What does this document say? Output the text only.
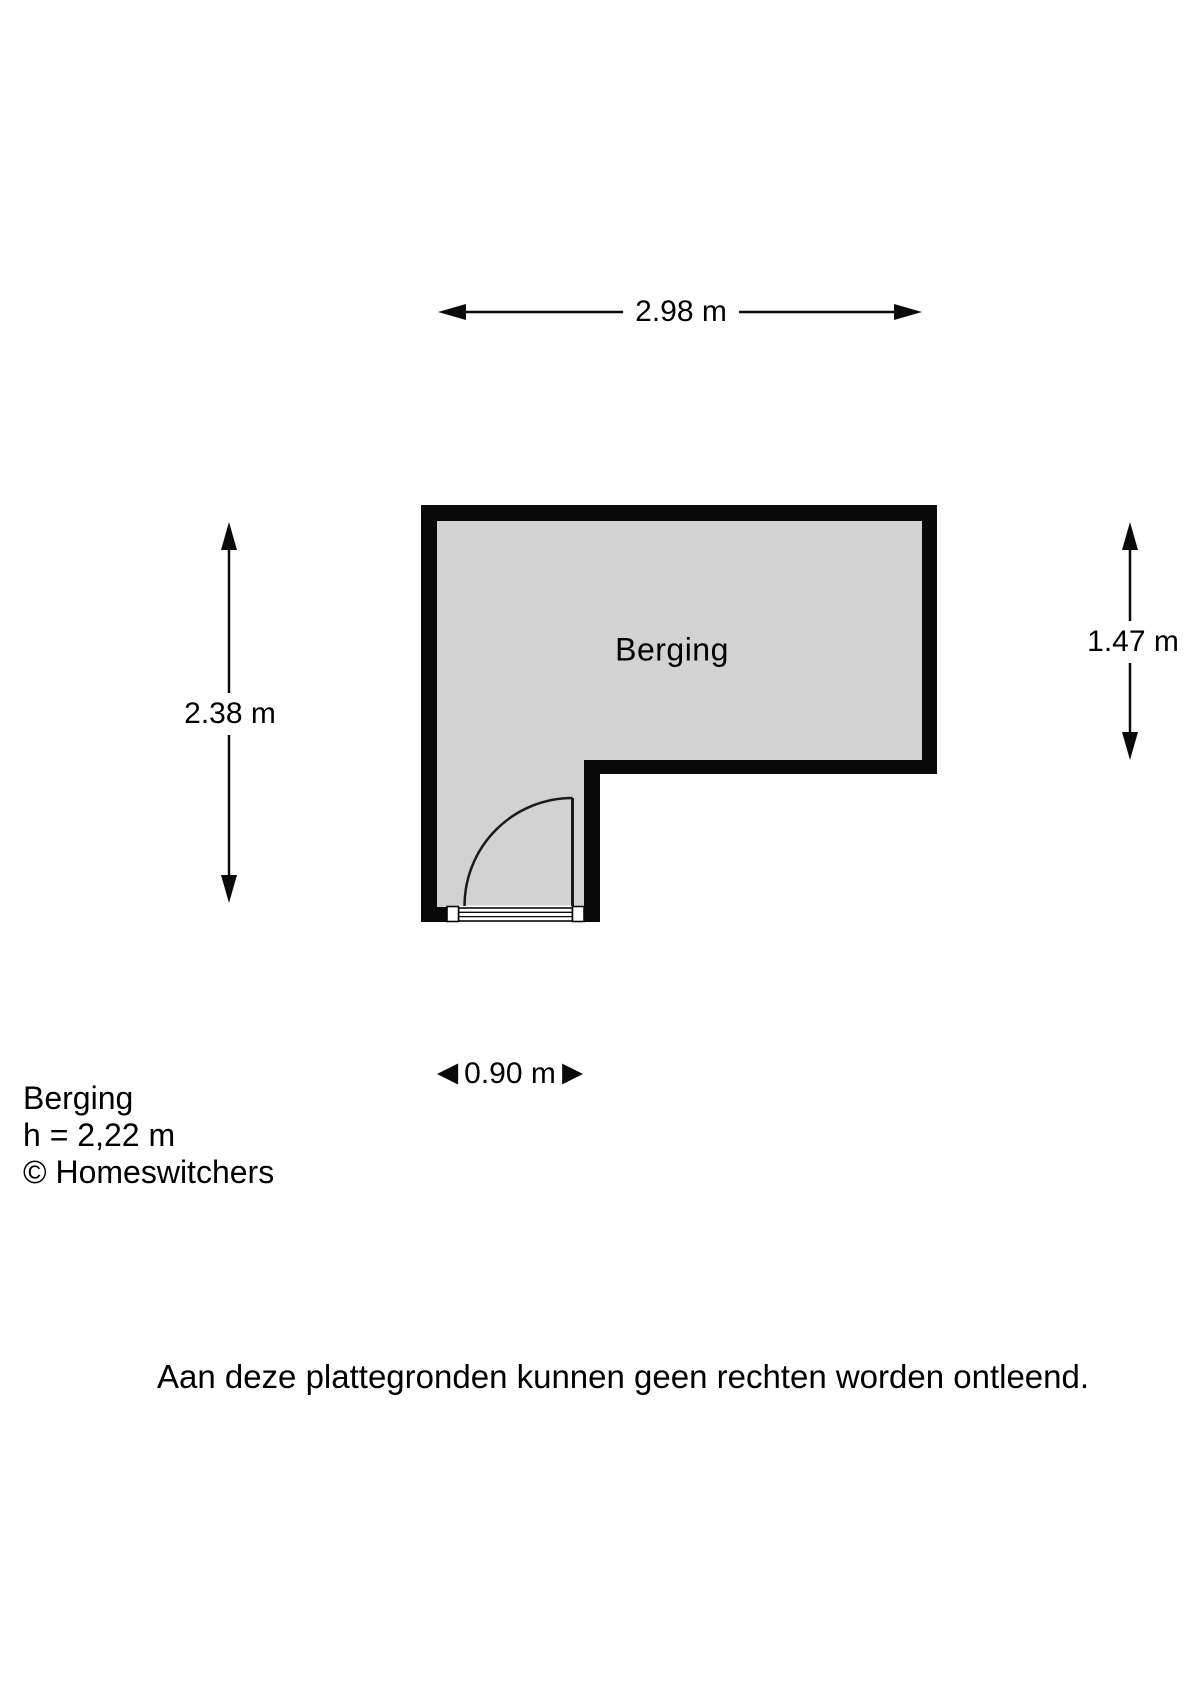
Berging
2.98 m
2.38 m
1.47 m
0.90 m
Berging
h = 2,22 m
© Homeswitchers
Aan deze plattegronden kunnen geen rechten worden ontleend.
